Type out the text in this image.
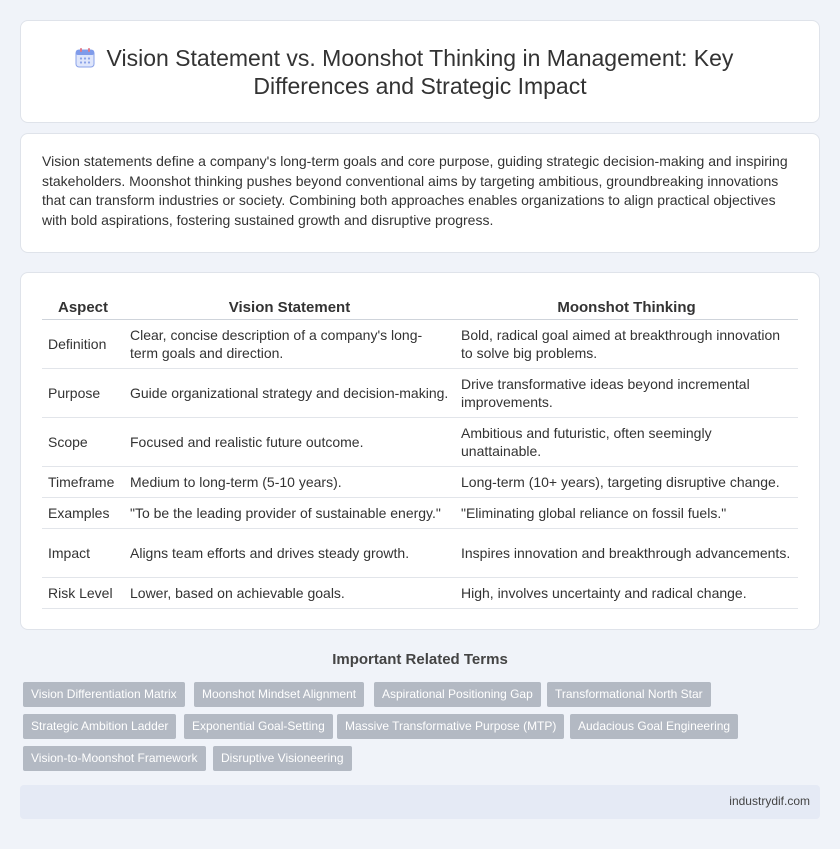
Vision Statement vs. Moonshot Thinking in Management: Key Differences and Strategic Impact

Vision statements define a company's long-term goals and core purpose, guiding strategic decision-making and inspiring stakeholders. Moonshot thinking pushes beyond conventional aims by targeting ambitious, groundbreaking innovations that can transform industries or society. Combining both approaches enables organizations to align practical objectives with bold aspirations, fostering sustained growth and disruptive progress.

Aspect	Vision Statement	Moonshot Thinking
Definition	Clear, concise description of a company's long-term goals and direction.	Bold, radical goal aimed at breakthrough innovation to solve big problems.
Purpose	Guide organizational strategy and decision-making.	Drive transformative ideas beyond incremental improvements.
Scope	Focused and realistic future outcome.	Ambitious and futuristic, often seemingly unattainable.
Timeframe	Medium to long-term (5-10 years).	Long-term (10+ years), targeting disruptive change.
Examples	"To be the leading provider of sustainable energy."	"Eliminating global reliance on fossil fuels."
Impact	Aligns team efforts and drives steady growth.	Inspires innovation and breakthrough advancements.
Risk Level	Lower, based on achievable goals.	High, involves uncertainty and radical change.
Important Related Terms
Vision Differentiation Matrix	Moonshot Mindset Alignment	Aspirational Positioning Gap	Transformational North Star
Strategic Ambition Ladder	Exponential Goal-Setting	Massive Transformative Purpose (MTP)	Audacious Goal Engineering
Vision-to-Moonshot Framework	Disruptive Visioneering
industrydif.com
